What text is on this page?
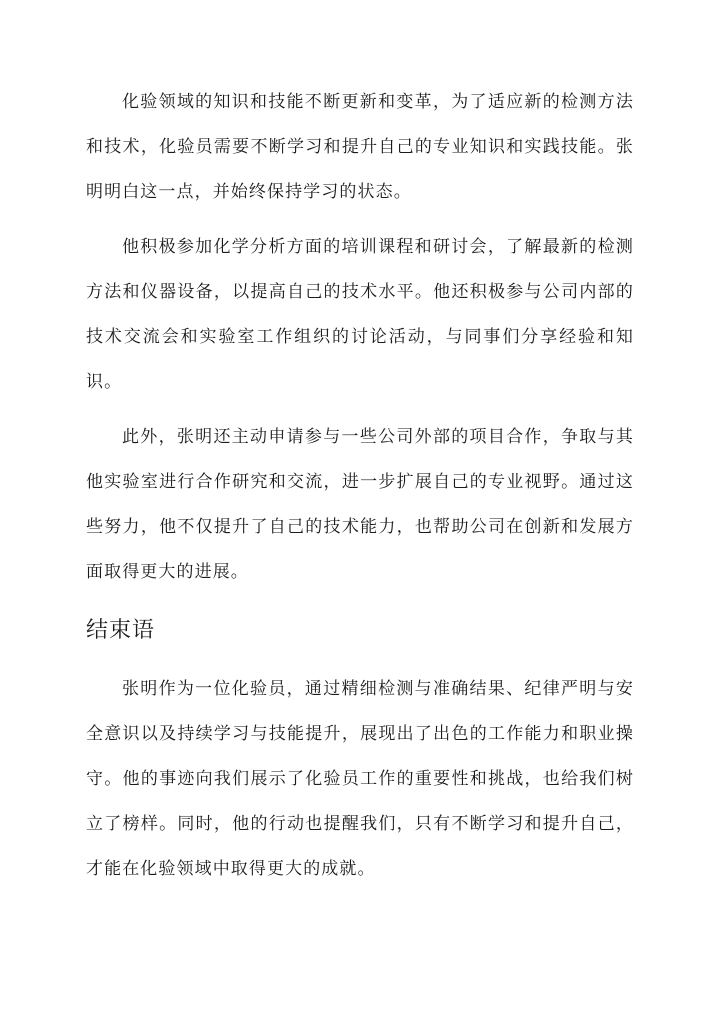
化验领域的知识和技能不断更新和变革，为了适应新的检测方法和技术，化验员需要不断学习和提升自己的专业知识和实践技能。张明明白这一点，并始终保持学习的状态。

他积极参加化学分析方面的培训课程和研讨会，了解最新的检测方法和仪器设备，以提高自己的技术水平。他还积极参与公司内部的技术交流会和实验室工作组织的讨论活动，与同事们分享经验和知识。

此外，张明还主动申请参与一些公司外部的项目合作，争取与其他实验室进行合作研究和交流，进一步扩展自己的专业视野。通过这些努力，他不仅提升了自己的技术能力，也帮助公司在创新和发展方面取得更大的进展。

结束语

张明作为一位化验员，通过精细检测与准确结果、纪律严明与安全意识以及持续学习与技能提升，展现出了出色的工作能力和职业操守。他的事迹向我们展示了化验员工作的重要性和挑战，也给我们树立了榜样。同时，他的行动也提醒我们，只有不断学习和提升自己，才能在化验领域中取得更大的成就。
